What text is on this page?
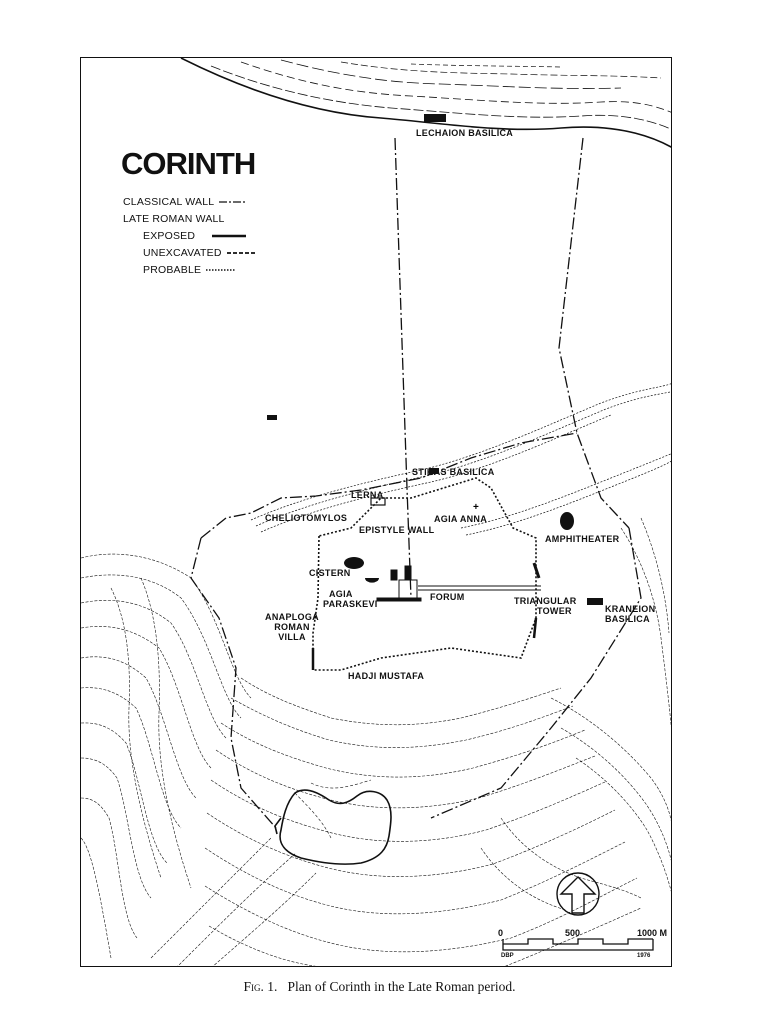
+
CORINTH
CLASSICAL WALL
LATE ROMAN WALL
EXPOSED
UNEXCAVATED
PROBABLE
LECHAION BASILICA
STIKAS BASILICA
LERNA
CHELIOTOMYLOS	AGIA ANNA
EPISTYLE WALL
AMPHITHEATER
CISTERN
AGIA
PARASKEVI
FORUM	TRIANGULAR
TOWER	KRANEION
BASILICA
ANAPLOGA
ROMAN
VILLA
HADJI MUSTAFA
0	500	1000 M
DBP	1976
Fig. 1. Plan of Corinth in the Late Roman period.
